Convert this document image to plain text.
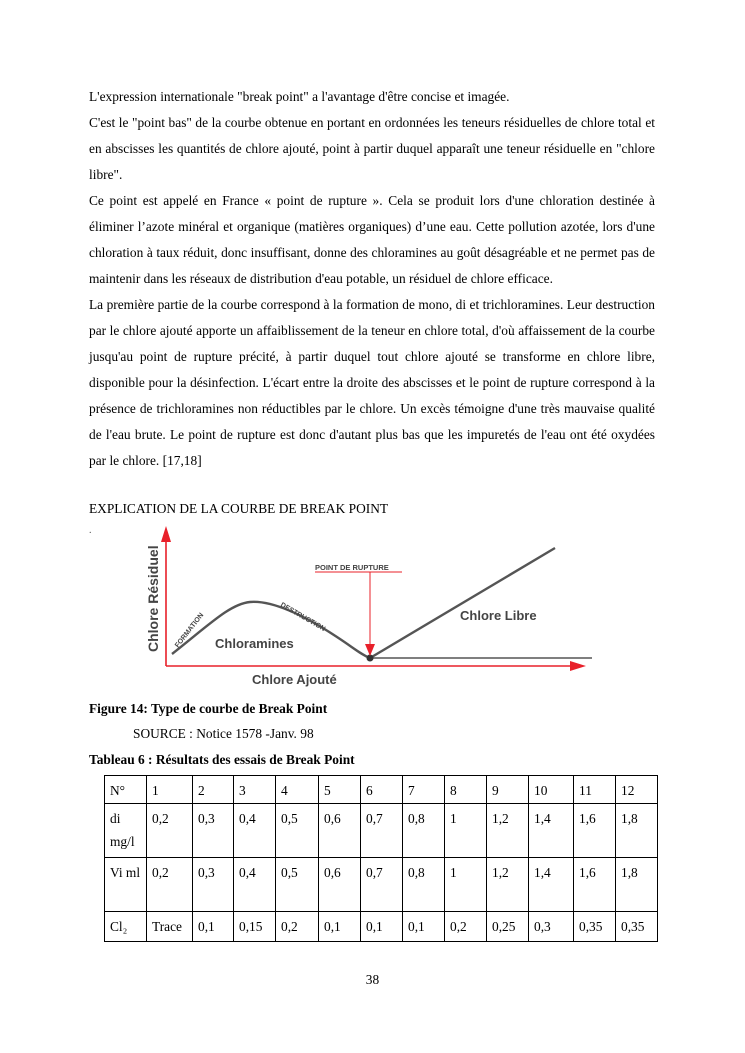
L'expression internationale "break point" a l'avantage d'être concise et imagée.

C'est le "point bas" de la courbe obtenue en portant en ordonnées les teneurs résiduelles de chlore total et en abscisses les quantités de chlore ajouté, point à partir duquel apparaît une teneur résiduelle en "chlore libre".

Ce point est appelé en France « point de rupture ». Cela se produit lors d'une chloration destinée à éliminer l’azote minéral et organique (matières organiques) d’une eau. Cette pollution azotée, lors d'une chloration à taux réduit, donc insuffisant, donne des chloramines au goût désagréable et ne permet pas de maintenir dans les réseaux de distribution d'eau potable, un résiduel de chlore efficace.

La première partie de la courbe correspond à la formation de mono, di et trichloramines. Leur destruction par le chlore ajouté apporte un affaiblissement de la teneur en chlore total, d'où affaissement de la courbe jusqu'au point de rupture précité, à partir duquel tout chlore ajouté se transforme en chlore libre, disponible pour la désinfection. L'écart entre la droite des abscisses et le point de rupture correspond à la présence de trichloramines non réductibles par le chlore. Un excès témoigne d'une très mauvaise qualité de l'eau brute. Le point de rupture est donc d'autant plus bas que les impuretés de l'eau ont été oxydées par le chlore. [17,18]

EXPLICATION DE LA COURBE DE BREAK POINT
.
Chlore Résiduel
Chlore Ajouté
FORMATION	DESTRUCTION
Chloramines
POINT DE RUPTURE
Chlore Libre
Figure 14: Type de courbe de Break Point
SOURCE : Notice 1578 -Janv. 98
Tableau 6 : Résultats des essais de Break Point
N°	1	2	3	4	5	6	7	8	9	10	11	12
di mg/l	0,2	0,3	0,4	0,5	0,6	0,7	0,8	1	1,2	1,4	1,6	1,8
Vi ml	0,2	0,3	0,4	0,5	0,6	0,7	0,8	1	1,2	1,4	1,6	1,8
Cl₂	Trace	0,1	0,15	0,2	0,1	0,1	0,1	0,2	0,25	0,3	0,35	0,35
38
